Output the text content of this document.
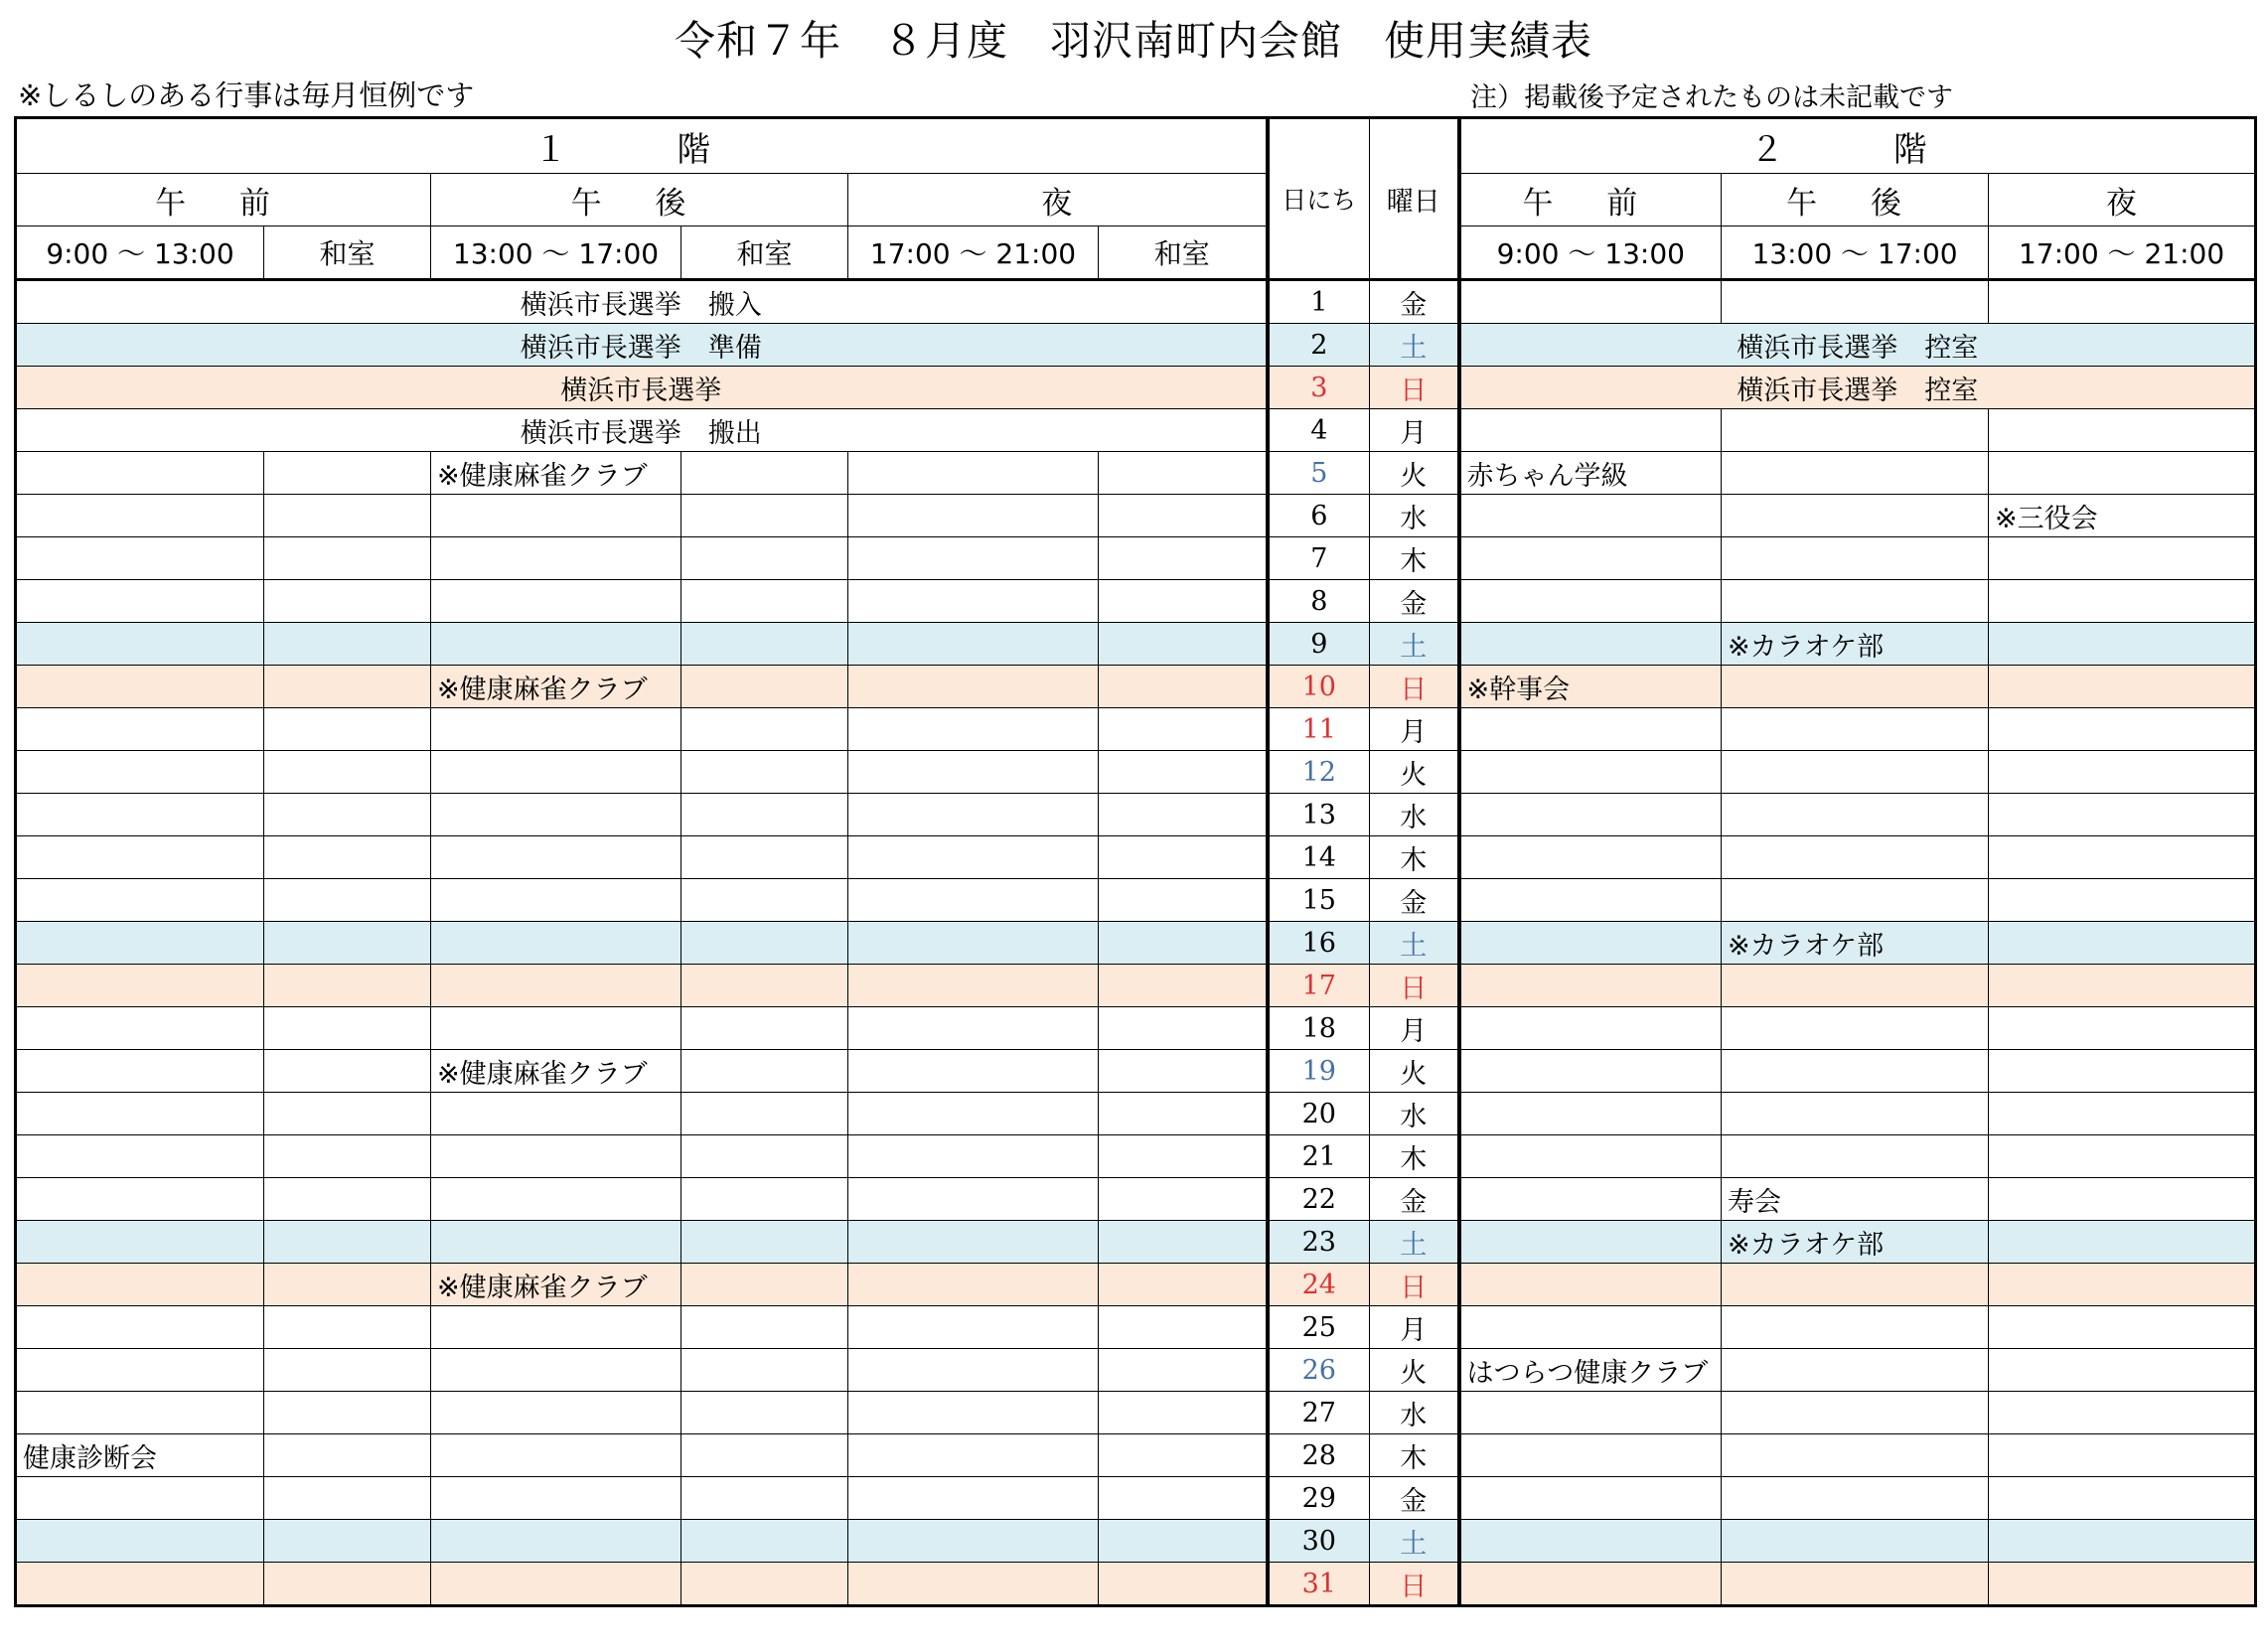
令和７年　８月度　羽沢南町内会館　使用実績表
※しるしのある行事は毎月恒例です	注）掲載後予定されたものは未記載です
１　階						日にち	曜日	２　階		
午 前		午 後		夜				午 前	午 後	夜
9:00 ～ 13:00	和室	13:00 ～ 17:00	和室	17:00 ～ 21:00	和室			9:00 ～ 13:00	13:00 ～ 17:00	17:00 ～ 21:00
横浜市長選挙　搬入						1	金			
横浜市長選挙　準備						2	土	横浜市長選挙　控室		
横浜市長選挙						3	日	横浜市長選挙　控室		
横浜市長選挙　搬出						4	月			
		※健康麻雀クラブ				5	火	赤ちゃん学級		
						6	水			※三役会
						7	木			
						8	金			
						9	土		※カラオケ部	
		※健康麻雀クラブ				10	日	※幹事会		
						11	月			
						12	火			
						13	水			
						14	木			
						15	金			
						16	土		※カラオケ部	
						17	日			
						18	月			
		※健康麻雀クラブ				19	火			
						20	水			
						21	木			
						22	金		寿会	
						23	土		※カラオケ部	
		※健康麻雀クラブ				24	日			
						25	月			
						26	火	はつらつ健康クラブ		
						27	水			
健康診断会						28	木			
						29	金			
						30	土			
						31	日			
